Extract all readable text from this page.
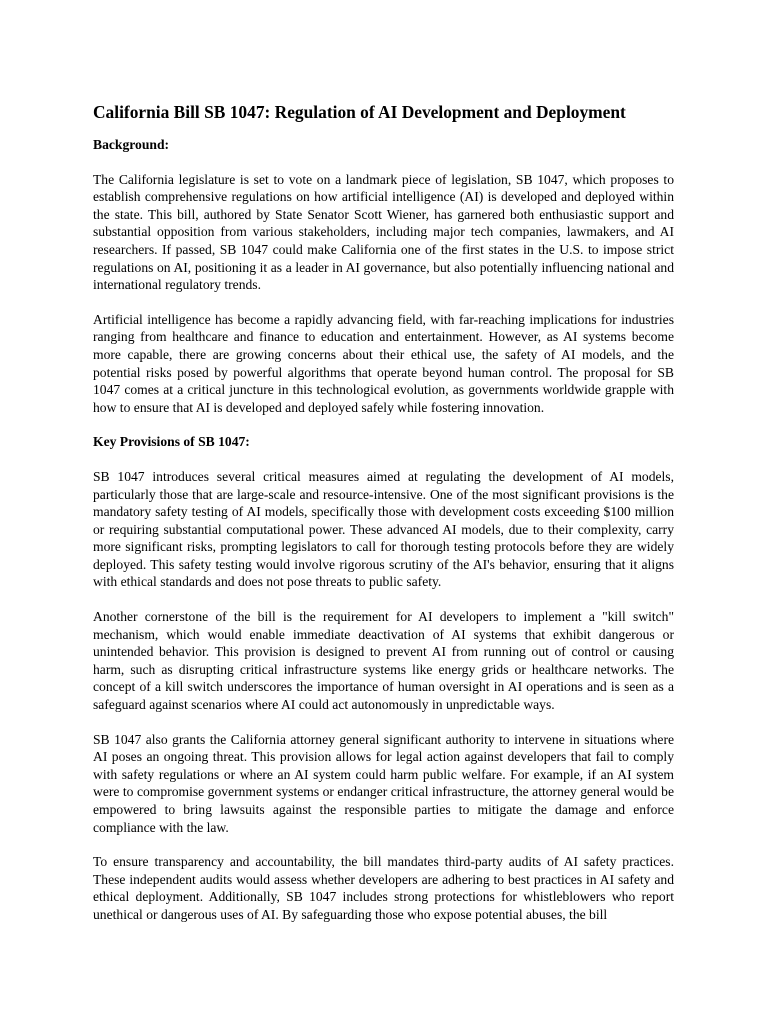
California Bill SB 1047: Regulation of AI Development and Deployment
Background:

The California legislature is set to vote on a landmark piece of legislation, SB 1047, which proposes to establish comprehensive regulations on how artificial intelligence (AI) is developed and deployed within the state. This bill, authored by State Senator Scott Wiener, has garnered both enthusiastic support and substantial opposition from various stakeholders, including major tech companies, lawmakers, and AI researchers. If passed, SB 1047 could make California one of the first states in the U.S. to impose strict regulations on AI, positioning it as a leader in AI governance, but also potentially influencing national and international regulatory trends.

Artificial intelligence has become a rapidly advancing field, with far-reaching implications for industries ranging from healthcare and finance to education and entertainment. However, as AI systems become more capable, there are growing concerns about their ethical use, the safety of AI models, and the potential risks posed by powerful algorithms that operate beyond human control. The proposal for SB 1047 comes at a critical juncture in this technological evolution, as governments worldwide grapple with how to ensure that AI is developed and deployed safely while fostering innovation.

Key Provisions of SB 1047:

SB 1047 introduces several critical measures aimed at regulating the development of AI models, particularly those that are large-scale and resource-intensive. One of the most significant provisions is the mandatory safety testing of AI models, specifically those with development costs exceeding $100 million or requiring substantial computational power. These advanced AI models, due to their complexity, carry more significant risks, prompting legislators to call for thorough testing protocols before they are widely deployed. This safety testing would involve rigorous scrutiny of the AI's behavior, ensuring that it aligns with ethical standards and does not pose threats to public safety.

Another cornerstone of the bill is the requirement for AI developers to implement a "kill switch" mechanism, which would enable immediate deactivation of AI systems that exhibit dangerous or unintended behavior. This provision is designed to prevent AI from running out of control or causing harm, such as disrupting critical infrastructure systems like energy grids or healthcare networks. The concept of a kill switch underscores the importance of human oversight in AI operations and is seen as a safeguard against scenarios where AI could act autonomously in unpredictable ways.

SB 1047 also grants the California attorney general significant authority to intervene in situations where AI poses an ongoing threat. This provision allows for legal action against developers that fail to comply with safety regulations or where an AI system could harm public welfare. For example, if an AI system were to compromise government systems or endanger critical infrastructure, the attorney general would be empowered to bring lawsuits against the responsible parties to mitigate the damage and enforce compliance with the law.

To ensure transparency and accountability, the bill mandates third-party audits of AI safety practices. These independent audits would assess whether developers are adhering to best practices in AI safety and ethical deployment. Additionally, SB 1047 includes strong protections for whistleblowers who report unethical or dangerous uses of AI. By safeguarding those who expose potential abuses, the bill
